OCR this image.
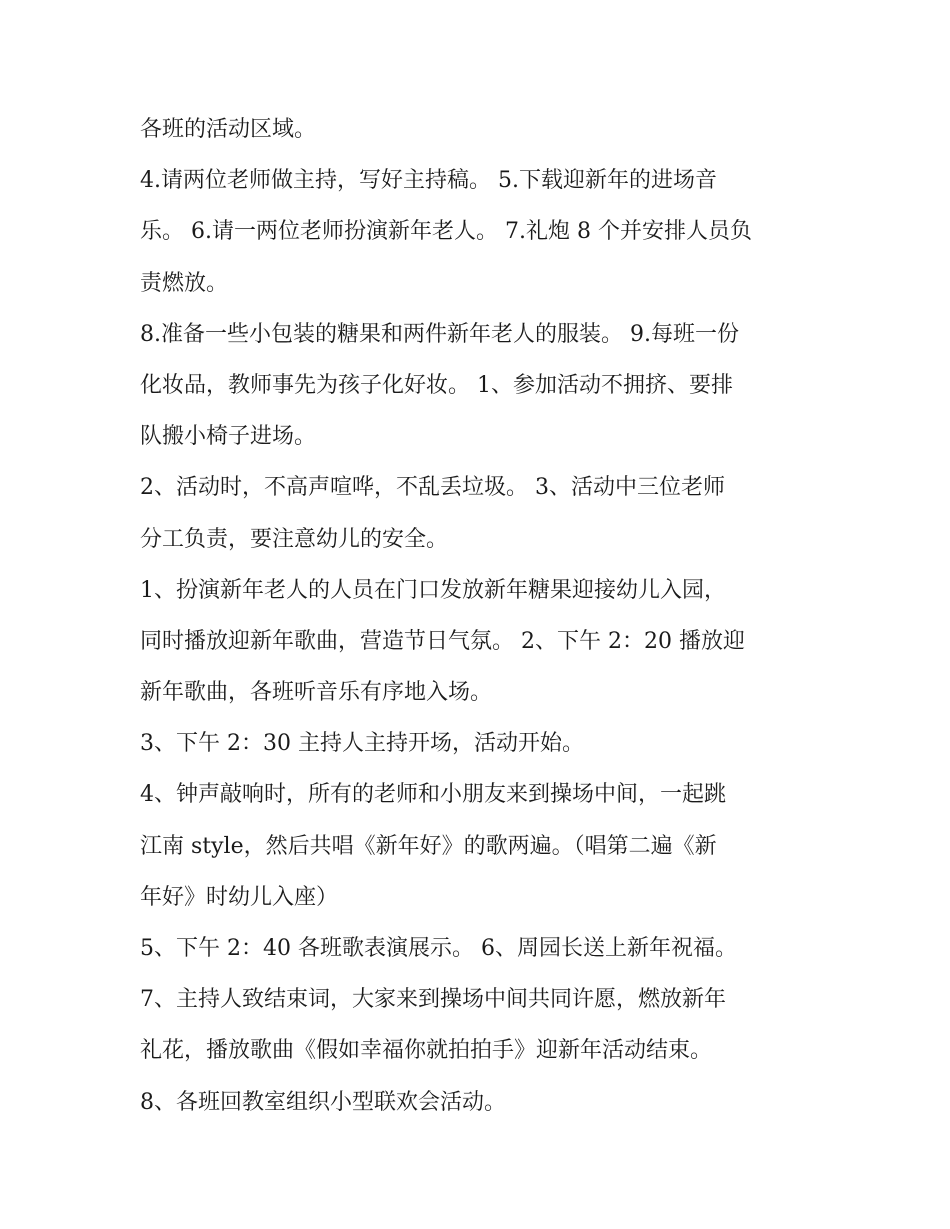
各班的活动区域。
4.请两位老师做主持，写好主持稿。 5.下载迎新年的进场音
乐。 6.请一两位老师扮演新年老人。 7.礼炮 8 个并安排人员负
责燃放。
8.准备一些小包装的糖果和两件新年老人的服装。 9.每班一份
化妆品，教师事先为孩子化好妆。 1、参加活动不拥挤、要排
队搬小椅子进场。
2、活动时，不高声喧哗，不乱丢垃圾。 3、活动中三位老师
分工负责，要注意幼儿的安全。
1、扮演新年老人的人员在门口发放新年糖果迎接幼儿入园，
同时播放迎新年歌曲，营造节日气氛。 2、下午 2：20 播放迎
新年歌曲，各班听音乐有序地入场。
3、下午 2：30 主持人主持开场，活动开始。
4、钟声敲响时，所有的老师和小朋友来到操场中间，一起跳
江南 style，然后共唱《新年好》的歌两遍。（唱第二遍《新
年好》时幼儿入座）
5、下午 2：40 各班歌表演展示。 6、周园长送上新年祝福。
7、主持人致结束词，大家来到操场中间共同许愿，燃放新年
礼花，播放歌曲《假如幸福你就拍拍手》迎新年活动结束。
8、各班回教室组织小型联欢会活动。
